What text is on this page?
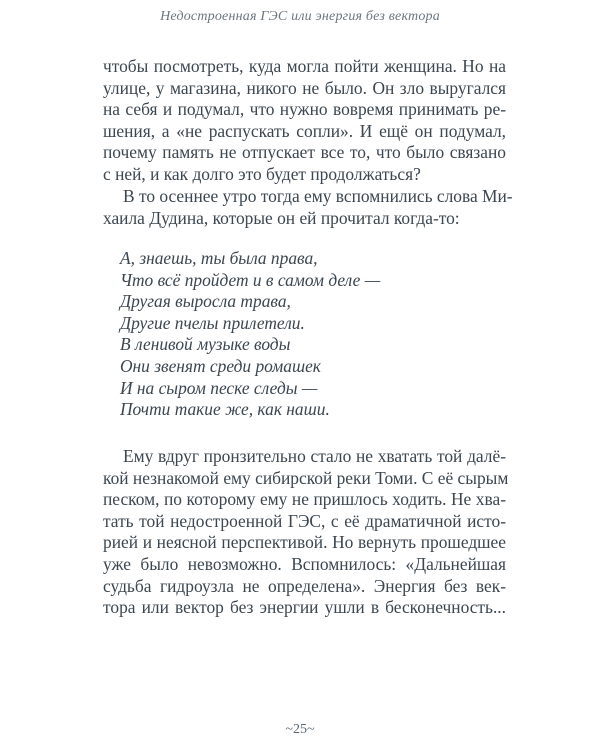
Недостроенная ГЭС или энергия без вектора
чтобы посмотреть, куда могла пойти женщина. Но на
улице, у магазина, никого не было. Он зло выругался
на себя и подумал, что нужно вовремя принимать ре-
шения, а «не распускать сопли». И ещё он подумал,
почему память не отпускает все то, что было связано
с ней, и как долго это будет продолжаться?
В то осеннее утро тогда ему вспомнились слова Ми-
хаила Дудина, которые он ей прочитал когда-то:
А, знаешь, ты была права,
Что всё пройдет и в самом деле —
Другая выросла трава,
Другие пчелы прилетели.
В ленивой музыке воды
Они звенят среди ромашек
И на сыром песке следы —
Почти такие же, как наши.
Ему вдруг пронзительно стало не хватать той далё-
кой незнакомой ему сибирской реки Томи. С её сырым
песком, по которому ему не пришлось ходить. Не хва-
тать той недостроенной ГЭС, с её драматичной исто-
рией и неясной перспективой. Но вернуть прошедшее
уже было невозможно. Вспомнилось: «Дальнейшая
судьба гидроузла не определена». Энергия без век-
тора или вектор без энергии ушли в бесконечность...
~25~
